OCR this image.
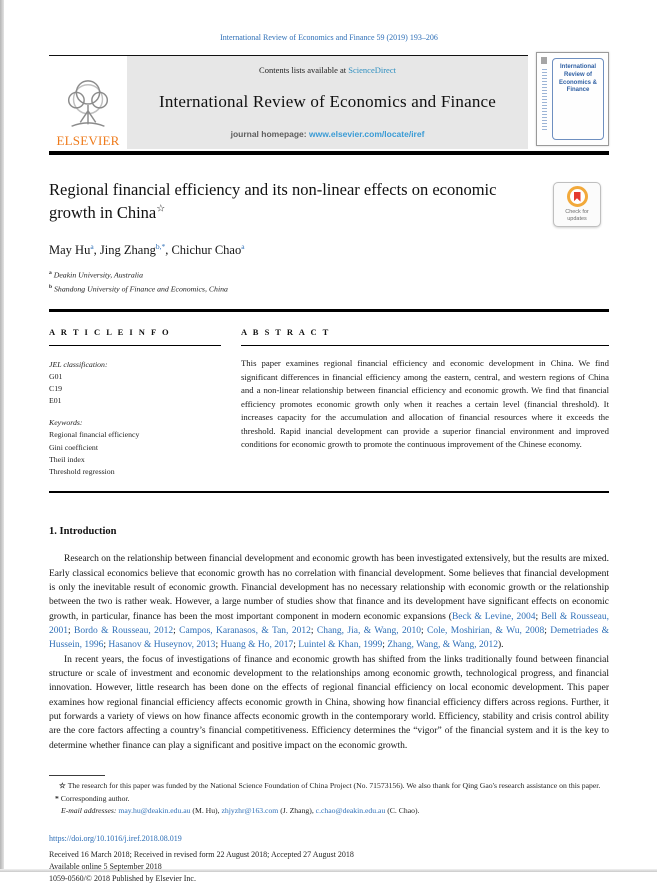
International Review of Economics and Finance 59 (2019) 193–206
ELSEVIER
Contents lists available at ScienceDirect
International Review of Economics and Finance
journal homepage: www.elsevier.com/locate/iref
International Review of Economics & Finance
Regional financial efficiency and its non-linear effects on economic growth in China☆	Check for updates
May Hu$^a$, Jing Zhang$^{b,*}$, Chichur Chao$^a$
$^a$ Deakin University, Australia
$^b$ Shandong University of Finance and Economics, China
A R T I C L E I N F O
JEL classification:
G01
C19
E01
Keywords:
Regional financial efficiency
Gini coefficient
Theil index
Threshold regression
A B S T R A C T
This paper examines regional financial efficiency and economic development in China. We find significant differences in financial efficiency among the eastern, central, and western regions of China and a non-linear relationship between financial efficiency and economic growth. We find that financial efficiency promotes economic growth only when it reaches a certain level (financial threshold). It increases capacity for the accumulation and allocation of financial resources where it exceeds the threshold. Rapid inancial development can provide a superior financial environment and improved conditions for economic growth to promote the continuous improvement of the Chinese economy.
1. Introduction

Research on the relationship between financial development and economic growth has been investigated extensively, but the results are mixed. Early classical economics believe that economic growth has no correlation with financial development. Some believes that financial development is only the inevitable result of economic growth. Financial development has no necessary relationship with economic growth or the relationship between the two is rather weak. However, a large number of studies show that finance and its development have significant effects on economic growth, in particular, finance has been the most important component in modern economic expansions (Beck & Levine, 2004; Bell & Rousseau, 2001; Bordo & Rousseau, 2012; Campos, Karanasos, & Tan, 2012; Chang, Jia, & Wang, 2010; Cole, Moshirian, & Wu, 2008; Demetriades & Hussein, 1996; Hasanov & Huseynov, 2013; Huang & Ho, 2017; Luintel & Khan, 1999; Zhang, Wang, & Wang, 2012).

In recent years, the focus of investigations of finance and economic growth has shifted from the links traditionally found between financial structure or scale of investment and economic development to the relationships among economic growth, technological progress, and financial innovation. However, little research has been done on the effects of regional financial efficiency on local economic development. This paper examines how regional financial efficiency affects economic growth in China, showing how financial efficiency differs across regions. Further, it put forwards a variety of views on how finance affects economic growth in the contemporary world. Efficiency, stability and crisis control ability are the core factors affecting a country’s financial competitiveness. Efficiency determines the “vigor” of the financial system and it is the key to determine whether finance can play a significant and positive impact on the economic growth.

☆ The research for this paper was funded by the National Science Foundation of China Project (No. 71573156). We also thank for Qing Gao's research assistance on this paper.

* Corresponding author.

E-mail addresses: may.hu@deakin.edu.au (M. Hu), zhjyzhr@163.com (J. Zhang), c.chao@deakin.edu.au (C. Chao).

https://doi.org/10.1016/j.iref.2018.08.019
Received 16 March 2018; Received in revised form 22 August 2018; Accepted 27 August 2018
Available online 5 September 2018
1059-0560/© 2018 Published by Elsevier Inc.
